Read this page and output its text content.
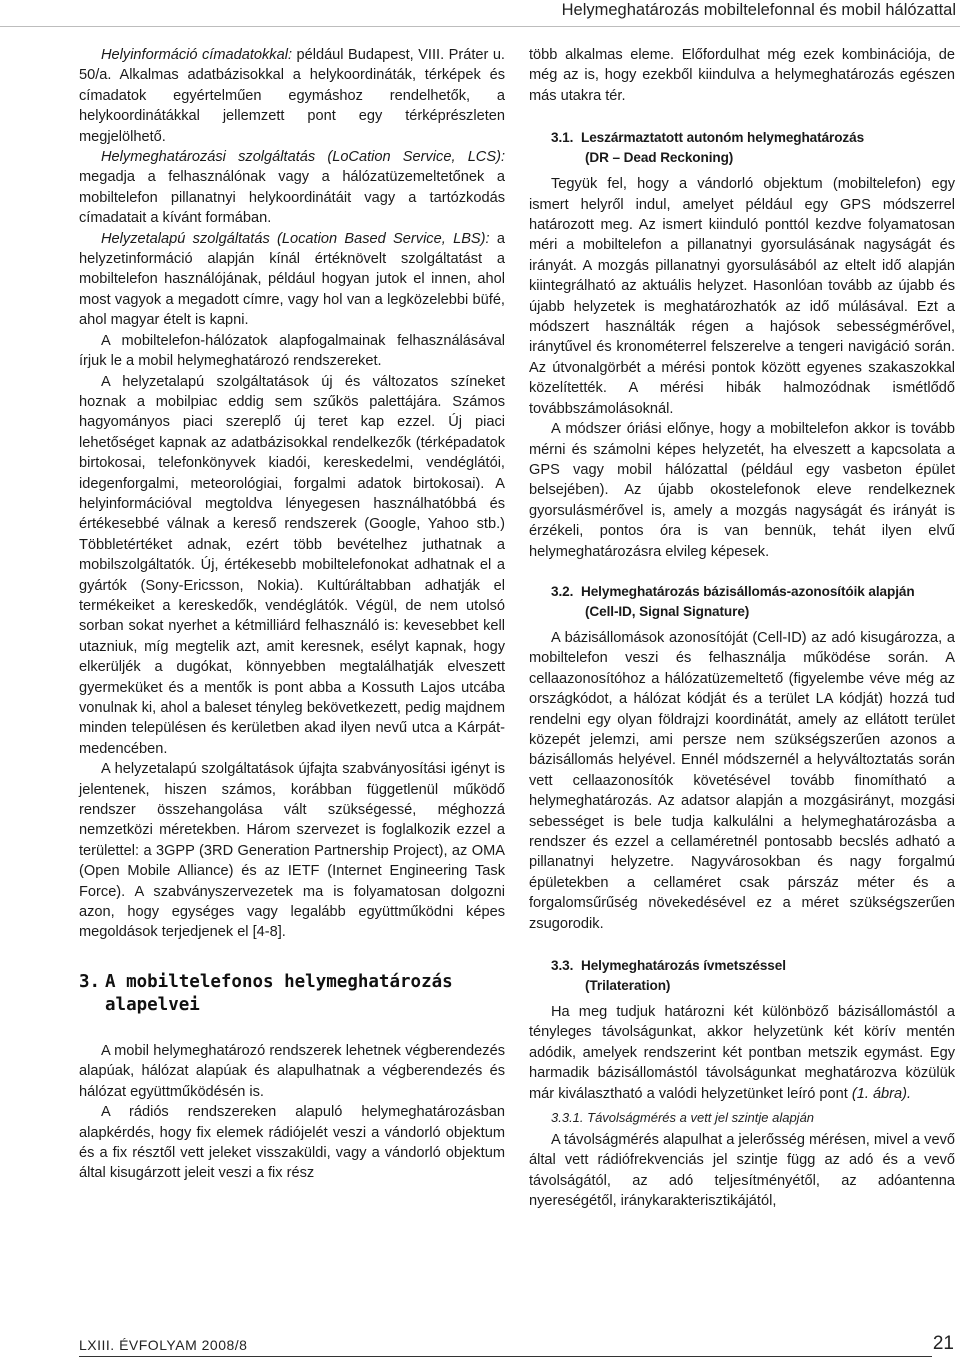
Helymeghatározás mobiltelefonnal és mobil hálózattal

Helyinformáció címadatokkal: például Budapest, VIII. Práter u. 50/a. Alkalmas adatbázisokkal a helykoordináták, térképek és címadatok egyértelműen egymáshoz rendelhetők, a helykoordinátákkal jellemzett pont egy térképrészleten megjelölhető.

Helymeghatározási szolgáltatás (LoCation Service, LCS): megadja a felhasználónak vagy a hálózatüzemeltetőnek a mobiltelefon pillanatnyi helykoordinátáit vagy a tartózkodás címadatait a kívánt formában.

Helyzetalapú szolgáltatás (Location Based Service, LBS): a helyzetinformáció alapján kínál értéknövelt szolgáltatást a mobiltelefon használójának, például hogyan jutok el innen, ahol most vagyok a megadott címre, vagy hol van a legközelebbi büfé, ahol magyar ételt is kapni.

A mobiltelefon-hálózatok alapfogalmainak felhasználásával írjuk le a mobil helymeghatározó rendszereket.

A helyzetalapú szolgáltatások új és változatos színeket hoznak a mobilpiac eddig sem szűkös palettájára. Számos hagyományos piaci szereplő új teret kap ezzel. Új piaci lehetőséget kapnak az adatbázisokkal rendelkezők (térképadatok birtokosai, telefonkönyvek kiadói, kereskedelmi, vendéglátói, idegenforgalmi, meteorológiai, forgalmi adatok birtokosai). A helyinformációval megtoldva lényegesen használhatóbbá és értékesebbé válnak a kereső rendszerek (Google, Yahoo stb.) Többletértéket adnak, ezért több bevételhez juthatnak a mobilszolgáltatók. Új, értékesebb mobiltelefonokat adhatnak el a gyártók (Sony-Ericsson, Nokia). Kultúráltabban adhatják el termékeiket a kereskedők, vendéglátók. Végül, de nem utolsó sorban sokat nyerhet a kétmilliárd felhasználó is: kevesebbet kell utazniuk, míg megtelik azt, amit keresnek, esélyt kapnak, hogy elkerüljék a dugókat, könnyebben megtalálhatják elveszett gyermeküket és a mentők is pont abba a Kossuth Lajos utcába vonulnak ki, ahol a baleset tényleg bekövetkezett, pedig majdnem minden településen és kerületben akad ilyen nevű utca a Kárpát-medencében.

A helyzetalapú szolgáltatások újfajta szabványosítási igényt is jelentenek, hiszen számos, korábban függetlenül működő rendszer összehangolása vált szükségessé, méghozzá nemzetközi méretekben. Három szervezet is foglalkozik ezzel a területtel: a 3GPP (3RD Generation Partnership Project), az OMA (Open Mobile Alliance) és az IETF (Internet Engineering Task Force). A szabványszervezetek ma is folyamatosan dolgozni azon, hogy egységes vagy legalább együttműködni képes megoldások terjedjenek el [4-8].

3. A mobiltelefonos helymeghatározás
alapelvei

A mobil helymeghatározó rendszerek lehetnek végberendezés alapúak, hálózat alapúak és alapulhatnak a végberendezés és hálózat együttműködésén is.

A rádiós rendszereken alapuló helymeghatározásban alapkérdés, hogy fix elemek rádiójelét veszi a vándorló objektum és a fix résztől vett jeleket visszaküldi, vagy a vándorló objektum által kisugárzott jeleit veszi a fix rész

több alkalmas eleme. Előfordulhat még ezek kombinációja, de még az is, hogy ezekből kiindulva a helymeghatározás egészen más utakra tér.

3.1. Leszármaztatott autonóm helymeghatározás
(DR – Dead Reckoning)

Tegyük fel, hogy a vándorló objektum (mobiltelefon) egy ismert helyről indul, amelyet például egy GPS módszerrel határozott meg. Az ismert kiinduló ponttól kezdve folyamatosan méri a mobiltelefon a pillanatnyi gyorsulásának nagyságát és irányát. A mozgás pillanatnyi gyorsulásából az eltelt idő alapján kiintegrálható az aktuális helyzet. Hasonlóan tovább az újabb és újabb helyzetek is meghatározhatók az idő múlásával. Ezt a módszert használták régen a hajósok sebességmérővel, iránytűvel és kronométerrel felszerelve a tengeri navigáció során. Az útvonalgörbét a mérési pontok között egyenes szakaszokkal közelítették. A mérési hibák halmozódnak ismétlődő továbbszámolásoknál.

A módszer óriási előnye, hogy a mobiltelefon akkor is tovább mérni és számolni képes helyzetét, ha elveszett a kapcsolata a GPS vagy mobil hálózattal (például egy vasbeton épület belsejében). Az újabb okostelefonok eleve rendelkeznek gyorsulásmérővel is, amely a mozgás nagyságát és irányát is érzékeli, pontos óra is van bennük, tehát ilyen elvű helymeghatározásra elvileg képesek.

3.2. Helymeghatározás bázisállomás-azonosítóik alapján
(Cell-ID, Signal Signature)

A bázisállomások azonosítóját (Cell-ID) az adó kisugározza, a mobiltelefon veszi és felhasználja működése során. A cellaazonosítóhoz a hálózatüzemeltető (figyelembe véve még az országkódot, a hálózat kódját és a terület LA kódját) hozzá tud rendelni egy olyan földrajzi koordinátát, amely az ellátott terület közepét jelemzi, ami persze nem szükségszerűen azonos a bázisállomás helyével. Ennél módszernél a helyváltoztatás során vett cellaazonosítók követésével tovább finomítható a helymeghatározás. Az adatsor alapján a mozgásirányt, mozgási sebességet is bele tudja kalkulálni a helymeghatározásba a rendszer és ezzel a cellaméretnél pontosabb becslés adható a pillanatnyi helyzetre. Nagyvárosokban és nagy forgalmú épületekben a cellaméret csak párszáz méter és a forgalomsűrűség növekedésével ez a méret szükségszerűen zsugorodik.

3.3. Helymeghatározás ívmetszéssel
(Trilateration)

Ha meg tudjuk határozni két különböző bázisállomástól a tényleges távolságunkat, akkor helyzetünk két körív mentén adódik, amelyek rendszerint két pontban metszik egymást. Egy harmadik bázisállomástól távolságunkat meghatározva közülük már kiválasztható a valódi helyzetünket leíró pont (1. ábra).

3.3.1. Távolságmérés a vett jel szintje alapján

A távolságmérés alapulhat a jelerősség mérésen, mivel a vevő által vett rádiófrekvenciás jel szintje függ az adó és a vevő távolságától, az adó teljesítményétől, az adóantenna nyereségétől, iránykarakterisztikájától,

LXIII. ÉVFOLYAM 2008/8	21
